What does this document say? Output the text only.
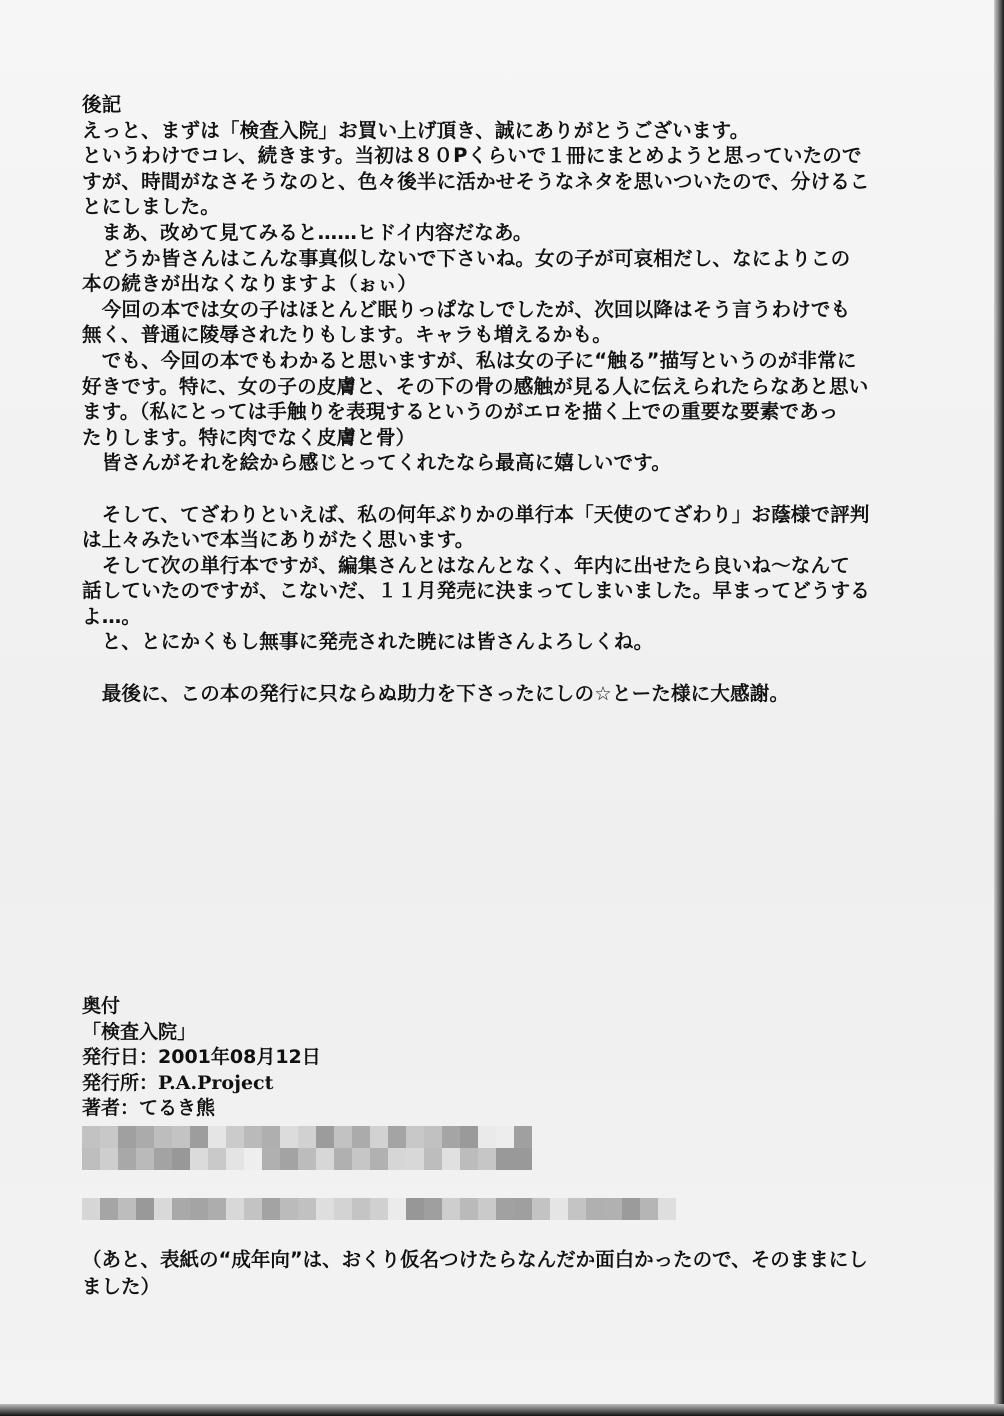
後記
えっと、まずは「検査入院」お買い上げ頂き、誠にありがとうございます。
というわけでコレ、続きます。当初は８０Pくらいで１冊にまとめようと思っていたので
すが、時間がなさそうなのと、色々後半に活かせそうなネタを思いついたので、分けるこ
とにしました。
　まあ、改めて見てみると……ヒドイ内容だなあ。
　どうか皆さんはこんな事真似しないで下さいね。女の子が可哀相だし、なによりこの
本の続きが出なくなりますよ（ぉぃ）
　今回の本では女の子はほとんど眠りっぱなしでしたが、次回以降はそう言うわけでも
無く、普通に陵辱されたりもします。キャラも増えるかも。
　でも、今回の本でもわかると思いますが、私は女の子に“触る”描写というのが非常に
好きです。特に、女の子の皮膚と、その下の骨の感触が見る人に伝えられたらなあと思い
ます。（私にとっては手触りを表現するというのがエロを描く上での重要な要素であっ
たりします。特に肉でなく皮膚と骨）
　皆さんがそれを絵から感じとってくれたなら最高に嬉しいです。
　そして、てざわりといえば、私の何年ぶりかの単行本「天使のてざわり」お蔭様で評判
は上々みたいで本当にありがたく思います。
　そして次の単行本ですが、編集さんとはなんとなく、年内に出せたら良いね～なんて
話していたのですが、こないだ、１１月発売に決まってしまいました。早まってどうする
よ…。
　と、とにかくもし無事に発売された暁には皆さんよろしくね。
　最後に、この本の発行に只ならぬ助力を下さったにしの☆とーた様に大感謝。
奥付
「検査入院」
発行日：2001年08月12日
発行所：P.A.Project
著者：てるき熊
（あと、表紙の“成年向”は、おくり仮名つけたらなんだか面白かったので、そのままにし
ました）
